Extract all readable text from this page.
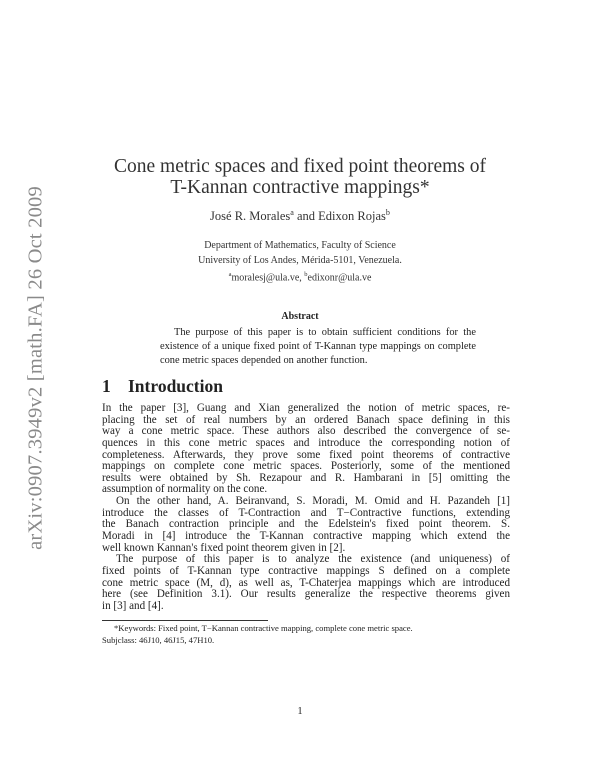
arXiv:0907.3949v2 [math.FA] 26 Oct 2009
Cone metric spaces and fixed point theorems of
T-Kannan contractive mappings*
José R. Morales$^a$ and Edixon Rojas$^b$
Department of Mathematics, Faculty of Science
University of Los Andes, Mérida-5101, Venezuela.
$^a$moralesj@ula.ve, $^b$edixonr@ula.ve
Abstract
The purpose of this paper is to obtain sufficient conditions for the
existence of a unique fixed point of T-Kannan type mappings on complete
cone metric spaces depended on another function.
1 Introduction
In the paper [3], Guang and Xian generalized the notion of metric spaces, re-
placing the set of real numbers by an ordered Banach space defining in this
way a cone metric space. These authors also described the convergence of se-
quences in this cone metric spaces and introduce the corresponding notion of
completeness. Afterwards, they prove some fixed point theorems of contractive
mappings on complete cone metric spaces. Posteriorly, some of the mentioned
results were obtained by Sh. Rezapour and R. Hambarani in [5] omitting the
assumption of normality on the cone.
On the other hand, A. Beiranvand, S. Moradi, M. Omid and H. Pazandeh [1]
introduce the classes of T-Contraction and T−Contractive functions, extending
the Banach contraction principle and the Edelstein's fixed point theorem. S.
Moradi in [4] introduce the T-Kannan contractive mapping which extend the
well known Kannan's fixed point theorem given in [2].
The purpose of this paper is to analyze the existence (and uniqueness) of
fixed points of T-Kannan type contractive mappings S defined on a complete
cone metric space (M, d), as well as, T-Chaterjea mappings which are introduced
here (see Definition 3.1). Our results generalize the respective theorems given
in [3] and [4].
*Keywords: Fixed point, T−Kannan contractive mapping, complete cone metric space.
Subjclass: 46J10, 46J15, 47H10.
1
